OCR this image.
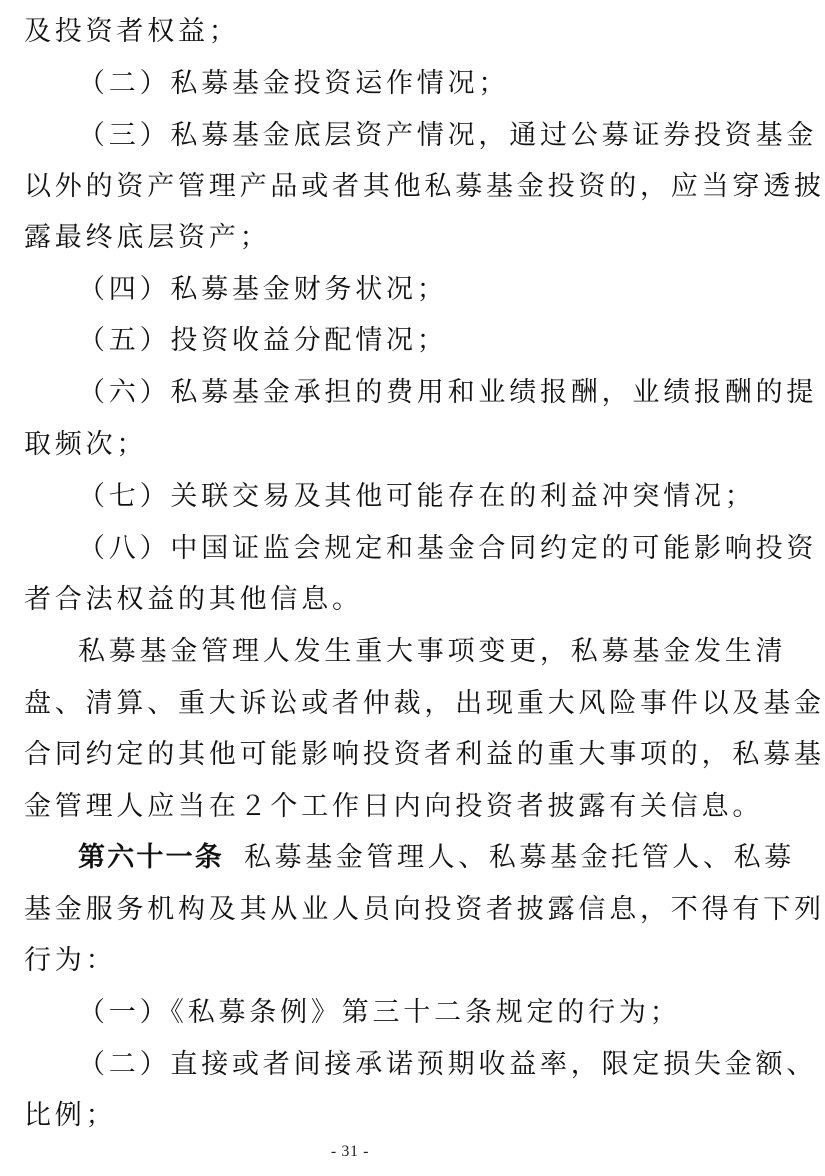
及投资者权益；
（二）私募基金投资运作情况；
（三）私募基金底层资产情况，通过公募证券投资基金
以外的资产管理产品或者其他私募基金投资的，应当穿透披
露最终底层资产；
（四）私募基金财务状况；
（五）投资收益分配情况；
（六）私募基金承担的费用和业绩报酬，业绩报酬的提
取频次；
（七）关联交易及其他可能存在的利益冲突情况；
（八）中国证监会规定和基金合同约定的可能影响投资
者合法权益的其他信息。
私募基金管理人发生重大事项变更，私募基金发生清
盘、清算、重大诉讼或者仲裁，出现重大风险事件以及基金
合同约定的其他可能影响投资者利益的重大事项的，私募基
金管理人应当在２个工作日内向投资者披露有关信息。
第六十一条 私募基金管理人、私募基金托管人、私募
基金服务机构及其从业人员向投资者披露信息，不得有下列
行为：
（一）《私募条例》第三十二条规定的行为；
（二）直接或者间接承诺预期收益率，限定损失金额、
比例；
- 31 -
